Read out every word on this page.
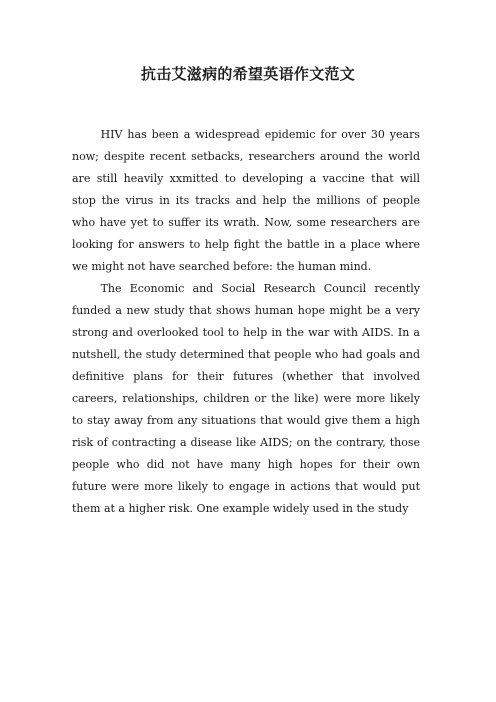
抗击艾滋病的希望英语作文范文

HIV has been a widespread epidemic for over 30 years now; despite recent setbacks, researchers around the world are still heavily xxmitted to developing a vaccine that will stop the virus in its tracks and help the millions of people who have yet to suffer its wrath. Now, some researchers are looking for answers to help fight the battle in a place where we might not have searched before: the human mind.

The Economic and Social Research Council recently funded a new study that shows human hope might be a very strong and overlooked tool to help in the war with AIDS. In a nutshell, the study determined that people who had goals and definitive plans for their futures (whether that involved careers, relationships, children or the like) were more likely to stay away from any situations that would give them a high risk of contracting a disease like AIDS; on the contrary, those people who did not have many high hopes for their own future were more likely to engage in actions that would put them at a higher risk. One example widely used in the study
